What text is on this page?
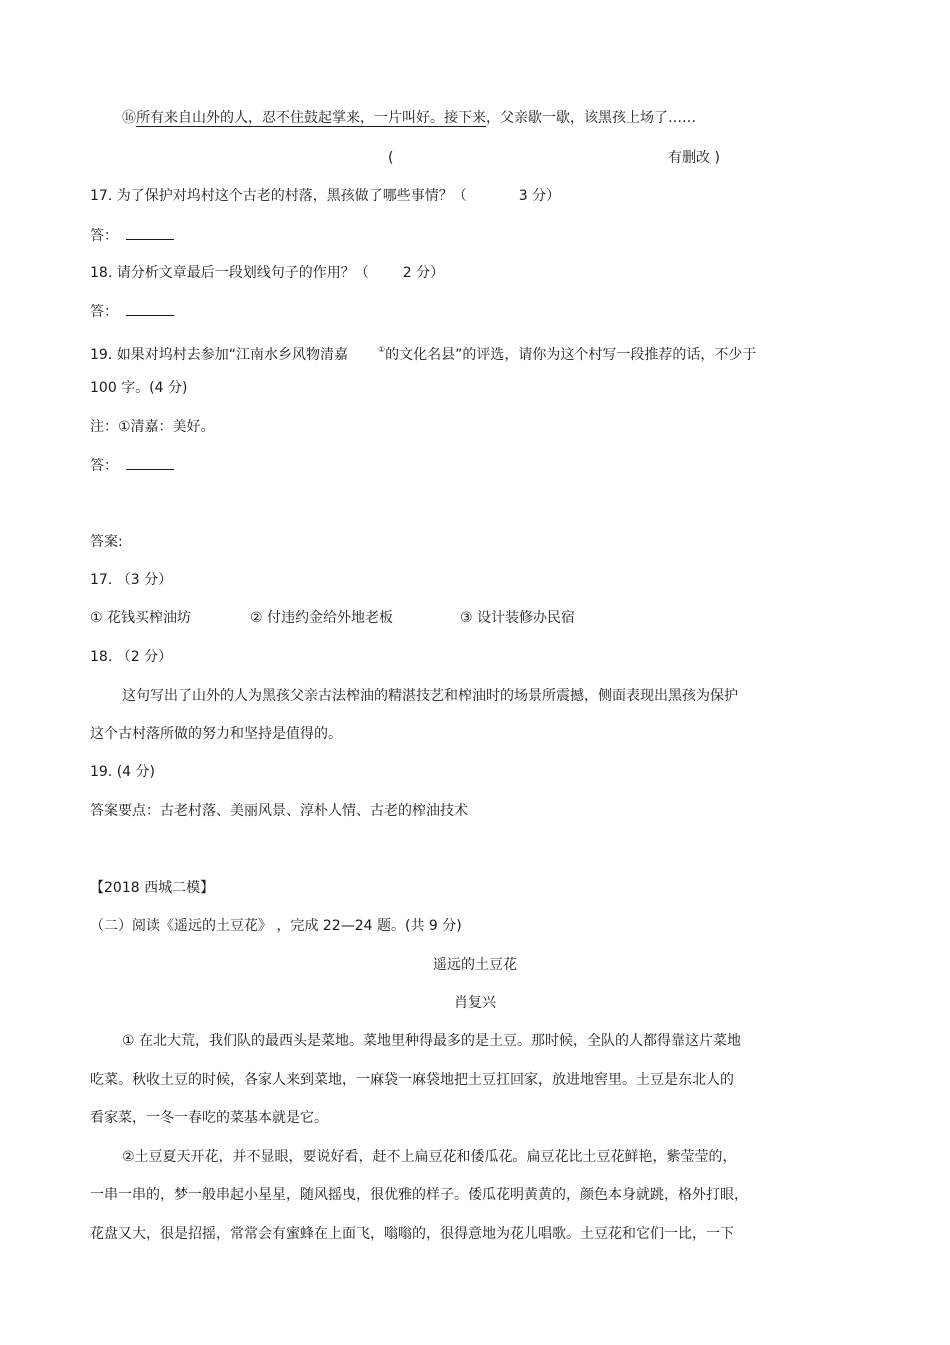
⑯所有来自山外的人，忍不住鼓起掌来，一片叫好。接下来，父亲歇一歇，该黑孩上场了……
(	有删改 )
17. 为了保护对坞村这个古老的村落，黑孩做了哪些事情？（	3 分）
答：
18. 请分析文章最后一段划线句子的作用？（ 2 分）
答：
19. 如果对坞村去参加“江南水乡风物清嘉	①的文化名县”的评选，请你为这个村写一段推荐的话，不少于
100 字。(4 分)
注：①清嘉：美好。
答：
答案:
17. （3 分）
① 花钱买榨油坊	② 付违约金给外地老板	③ 设计装修办民宿
18. （2 分）
这句写出了山外的人为黑孩父亲古法榨油的精湛技艺和榨油时的场景所震撼，侧面表现出黑孩为保护
这个古村落所做的努力和坚持是值得的。
19. (4 分)
答案要点：古老村落、美丽风景、淳朴人情、古老的榨油技术
【2018 西城二模】
（二）阅读《遥远的土豆花》 ，完成 22—24 题。(共 9 分)
遥远的土豆花
肖复兴
① 在北大荒，我们队的最西头是菜地。菜地里种得最多的是土豆。那时候，全队的人都得靠这片菜地
吃菜。秋收土豆的时候，各家人来到菜地，一麻袋一麻袋地把土豆扛回家，放进地窖里。土豆是东北人的
看家菜，一冬一春吃的菜基本就是它。
②土豆夏天开花，并不显眼，要说好看，赶不上扁豆花和倭瓜花。扁豆花比土豆花鲜艳，紫莹莹的，
一串一串的，梦一般串起小星星，随风摇曳，很优雅的样子。倭瓜花明黄黄的，颜色本身就跳，格外打眼，
花盘又大，很是招摇，常常会有蜜蜂在上面飞，嗡嗡的，很得意地为花儿唱歌。土豆花和它们一比，一下
